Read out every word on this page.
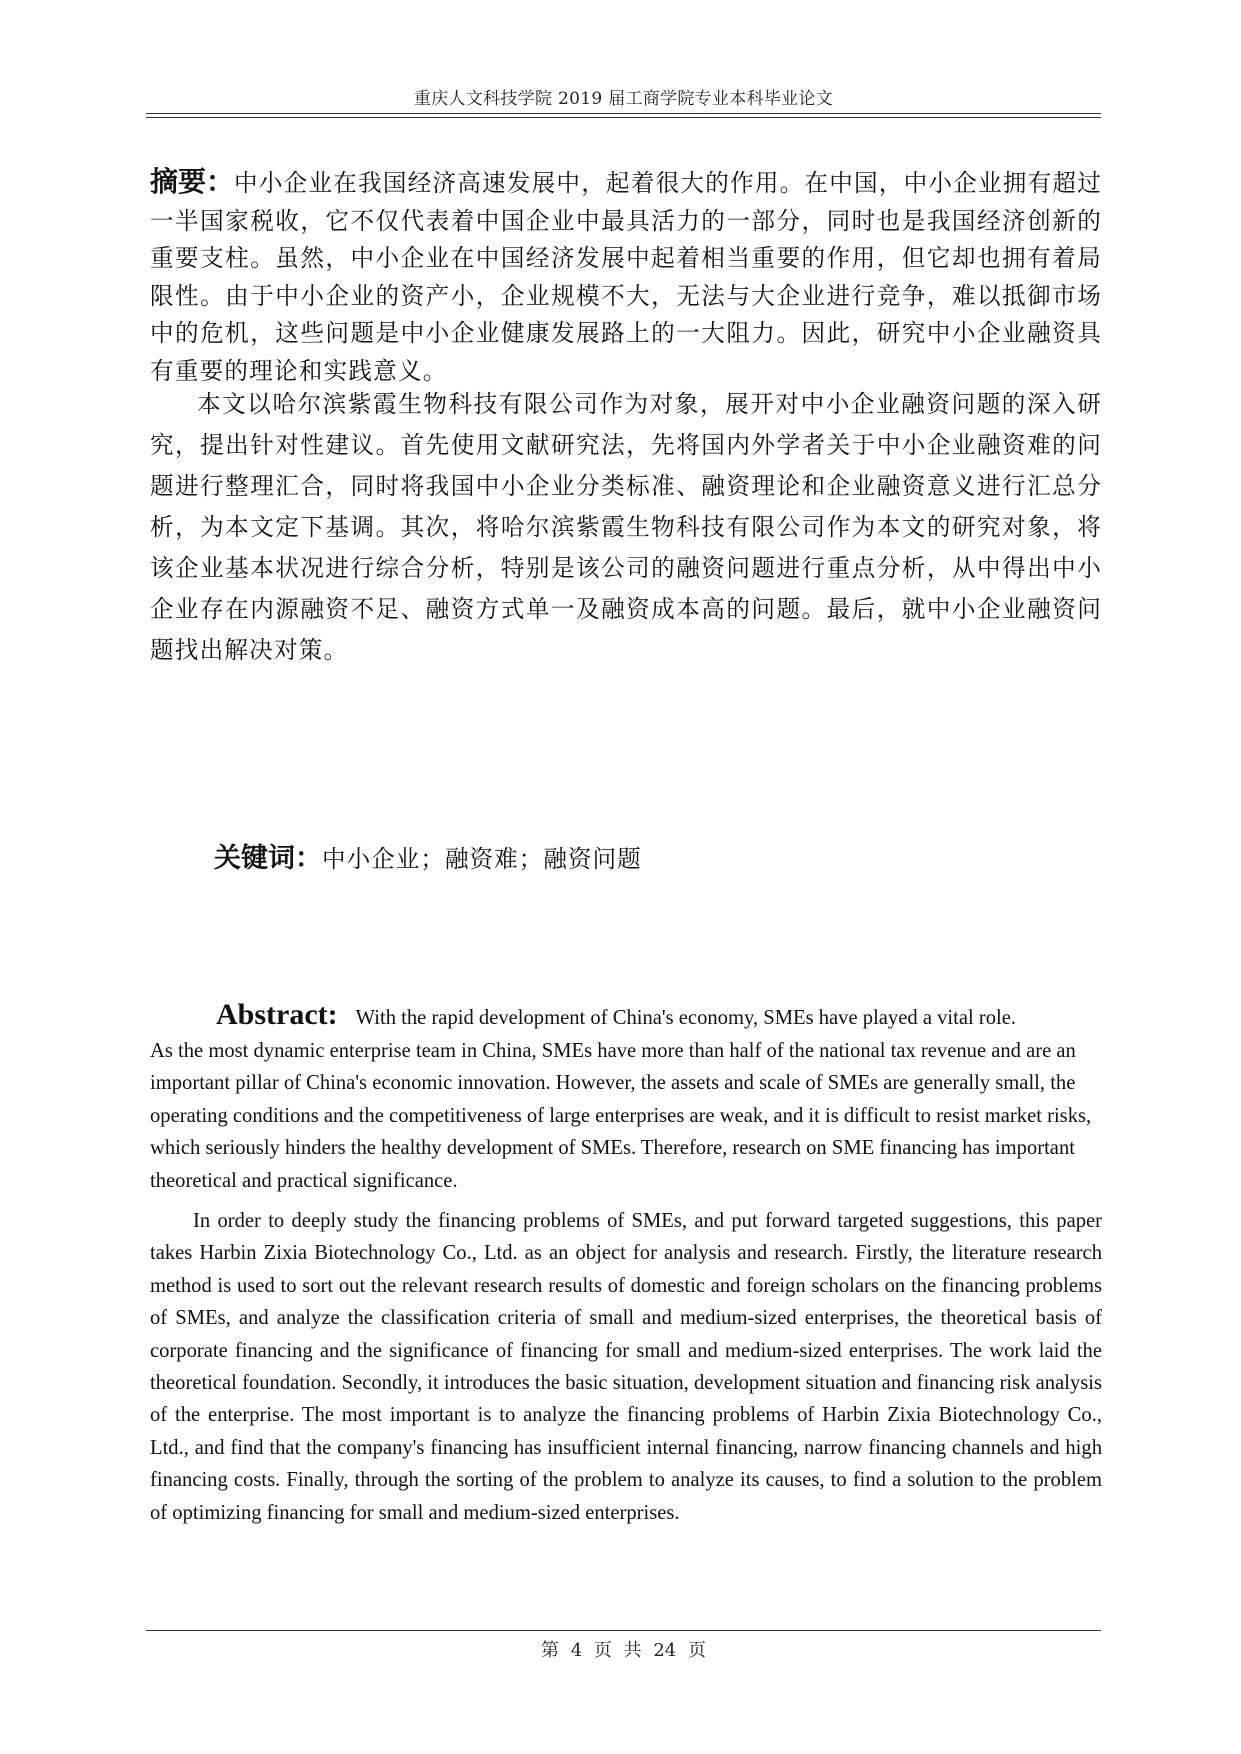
重庆人文科技学院 2019 届工商学院专业本科毕业论文
摘要：中小企业在我国经济高速发展中，起着很大的作用。在中国，中小企业拥有超过一半国家税收，它不仅代表着中国企业中最具活力的一部分，同时也是我国经济创新的重要支柱。虽然，中小企业在中国经济发展中起着相当重要的作用，但它却也拥有着局限性。由于中小企业的资产小，企业规模不大，无法与大企业进行竞争，难以抵御市场中的危机，这些问题是中小企业健康发展路上的一大阻力。因此，研究中小企业融资具有重要的理论和实践意义。
本文以哈尔滨紫霞生物科技有限公司作为对象，展开对中小企业融资问题的深入研究，提出针对性建议。首先使用文献研究法，先将国内外学者关于中小企业融资难的问题进行整理汇合，同时将我国中小企业分类标准、融资理论和企业融资意义进行汇总分析，为本文定下基调。其次，将哈尔滨紫霞生物科技有限公司作为本文的研究对象，将该企业基本状况进行综合分析，特别是该公司的融资问题进行重点分析，从中得出中小企业存在内源融资不足、融资方式单一及融资成本高的问题。最后，就中小企业融资问题找出解决对策。
关键词：中小企业；融资难；融资问题
Abstract: With the rapid development of China's economy, SMEs have played a vital role.
As the most dynamic enterprise team in China, SMEs have more than half of the national tax revenue and are an important pillar of China's economic innovation. However, the assets and scale of SMEs are generally small, the operating conditions and the competitiveness of large enterprises are weak, and it is difficult to resist market risks, which seriously hinders the healthy development of SMEs. Therefore, research on SME financing has important theoretical and practical significance.
In order to deeply study the financing problems of SMEs, and put forward targeted suggestions, this paper takes Harbin Zixia Biotechnology Co., Ltd. as an object for analysis and research. Firstly, the literature research method is used to sort out the relevant research results of domestic and foreign scholars on the financing problems of SMEs, and analyze the classification criteria of small and medium-sized enterprises, the theoretical basis of corporate financing and the significance of financing for small and medium-sized enterprises. The work laid the theoretical foundation. Secondly, it introduces the basic situation, development situation and financing risk analysis of the enterprise. The most important is to analyze the financing problems of Harbin Zixia Biotechnology Co., Ltd., and find that the company's financing has insufficient internal financing, narrow financing channels and high financing costs. Finally, through the sorting of the problem to analyze its causes, to find a solution to the problem of optimizing financing for small and medium-sized enterprises.
第 4 页 共 24 页
